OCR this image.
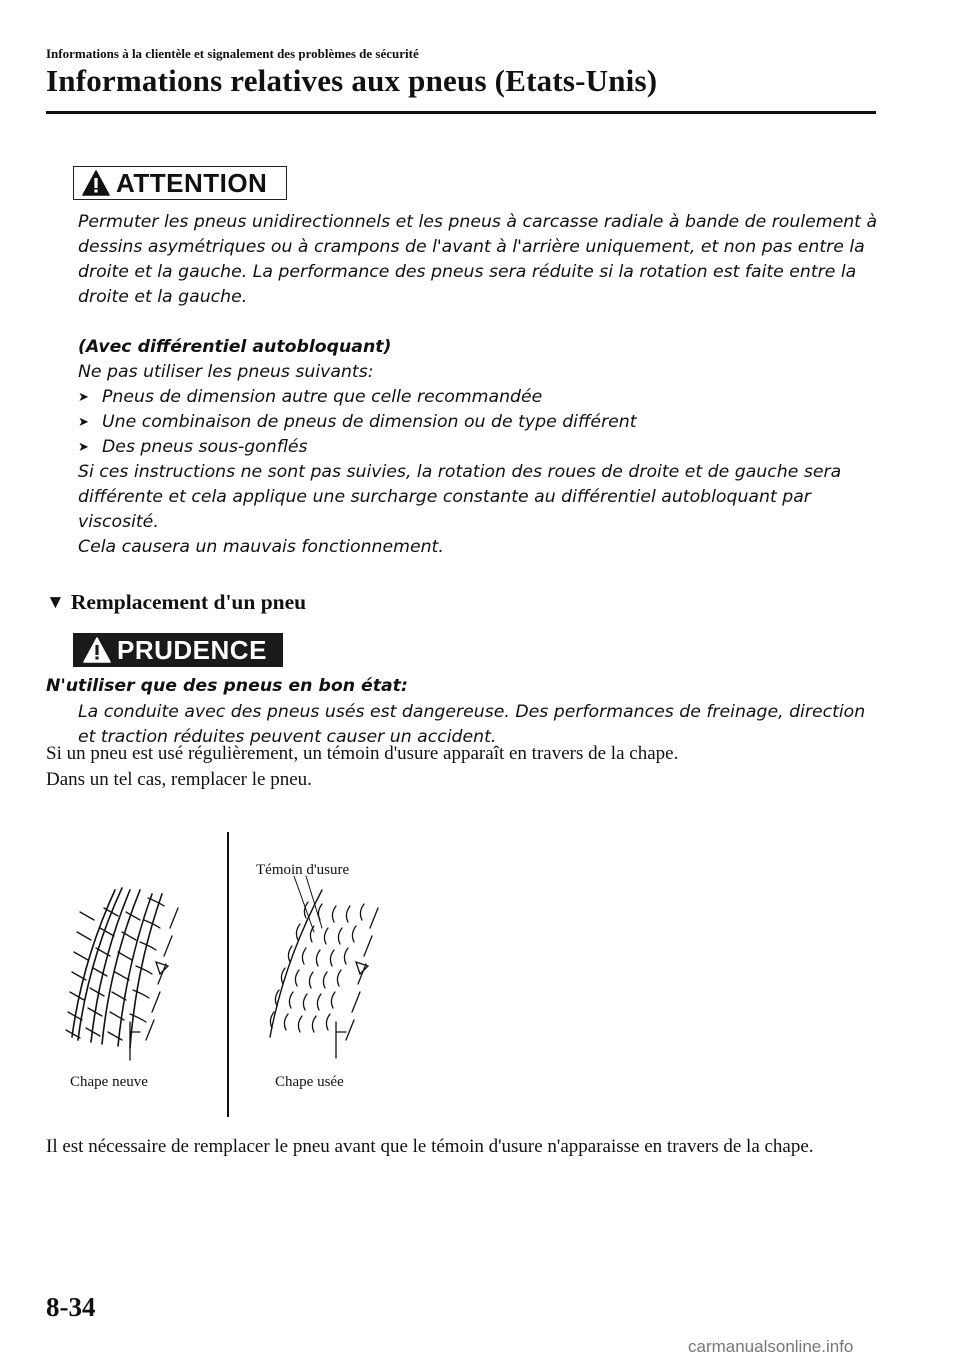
Informations à la clientèle et signalement des problèmes de sécurité
Informations relatives aux pneus (Etats-Unis)
ATTENTION

Permuter les pneus unidirectionnels et les pneus à carcasse radiale à bande de roulement à dessins asymétriques ou à crampons de l'avant à l'arrière uniquement, et non pas entre la droite et la gauche. La performance des pneus sera réduite si la rotation est faite entre la droite et la gauche.

(Avec différentiel autobloquant)

Ne pas utiliser les pneus suivants:

➤ Pneus de dimension autre que celle recommandée
➤ Une combinaison de pneus de dimension ou de type différent
➤ Des pneus sous-gonflés

Si ces instructions ne sont pas suivies, la rotation des roues de droite et de gauche sera différente et cela applique une surcharge constante au différentiel autobloquant par viscosité.

Cela causera un mauvais fonctionnement.

▼ Remplacement d'un pneu
PRUDENCE
N'utiliser que des pneus en bon état:

La conduite avec des pneus usés est dangereuse. Des performances de freinage, direction et traction réduites peuvent causer un accident.

Si un pneu est usé régulièrement, un témoin d'usure apparaît en travers de la chape.
Dans un tel cas, remplacer le pneu.
Chape neuve	Chape usée
Témoin d'usure
Il est nécessaire de remplacer le pneu avant que le témoin d'usure n'apparaisse en travers de la chape.
8-34
carmanualsonline.info
